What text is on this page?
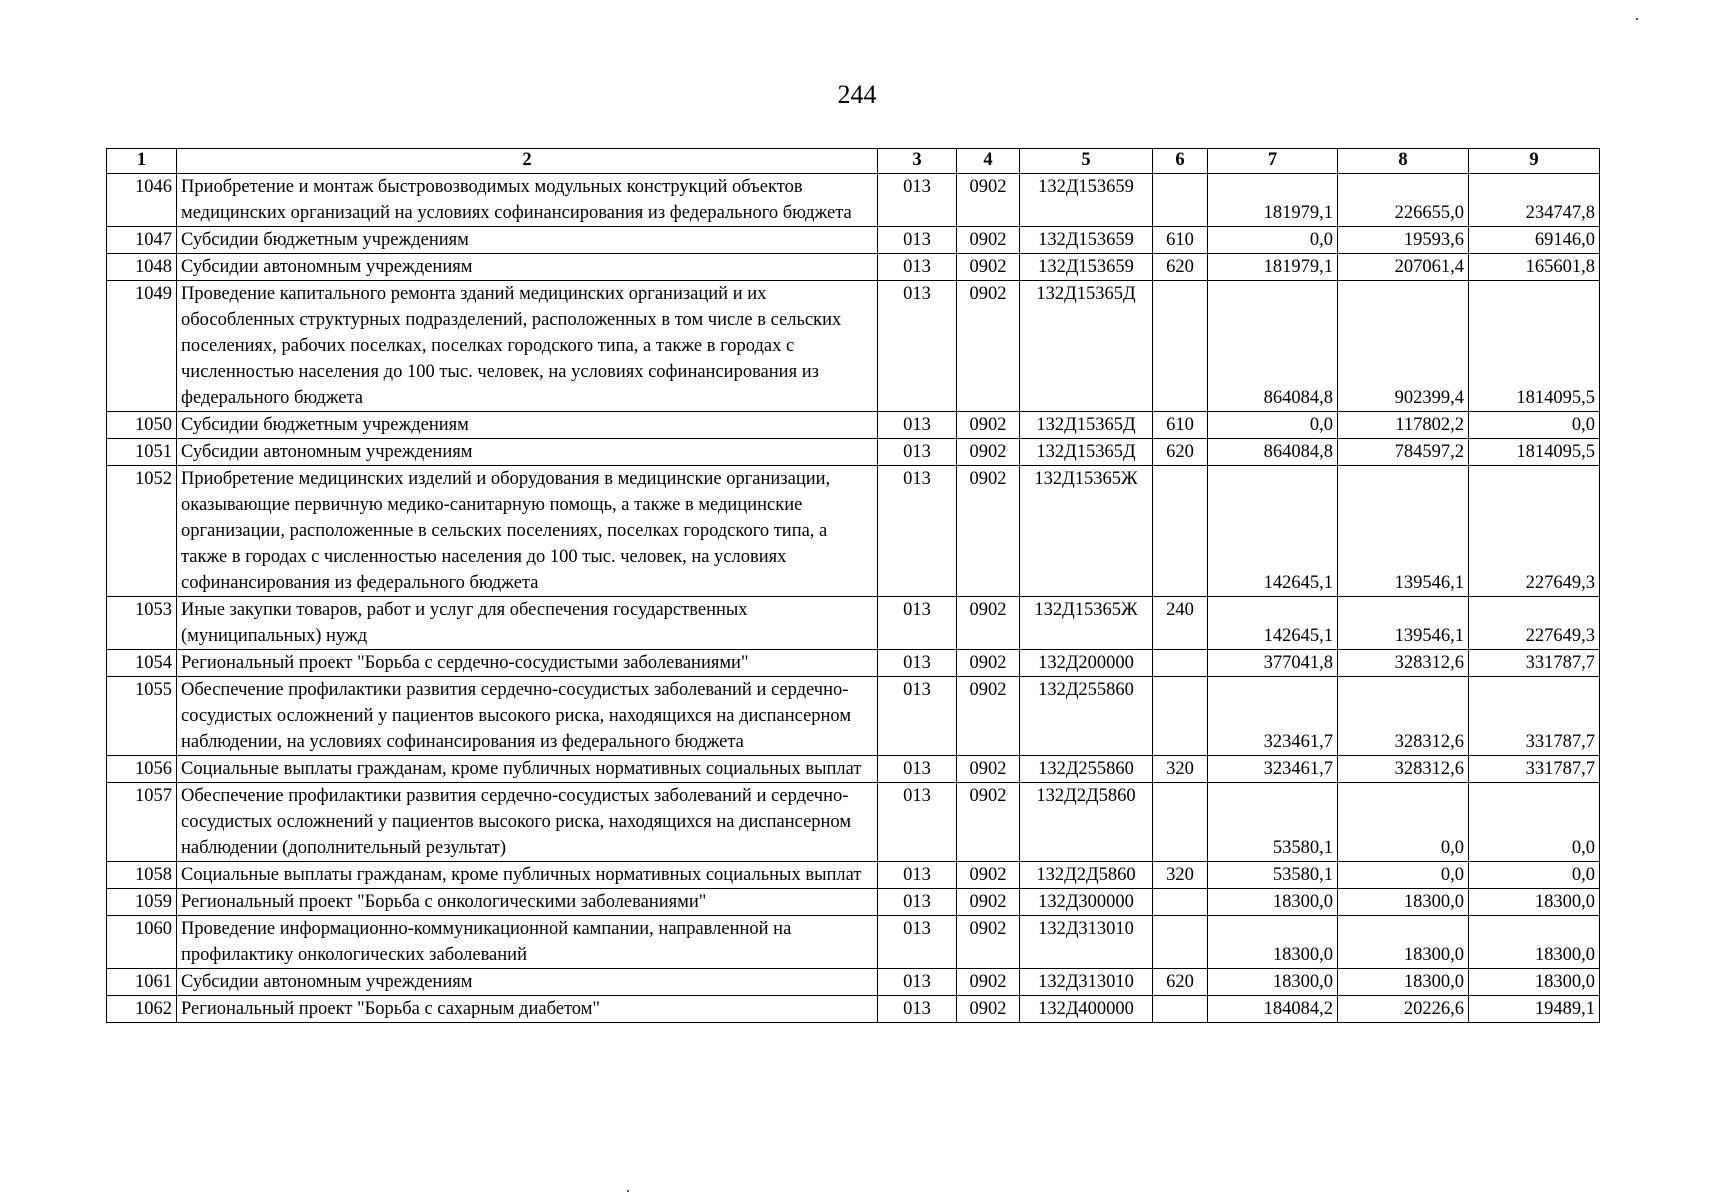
244
1	2	3	4	5	6	7	8	9
1046	Приобретение и монтаж быстровозводимых модульных конструкций объектов медицинских организаций на условиях софинансирования из федерального бюджета	013	0902	132Д153659		181979,1	226655,0	234747,8
1047	Субсидии бюджетным учреждениям	013	0902	132Д153659	610	0,0	19593,6	69146,0
1048	Субсидии автономным учреждениям	013	0902	132Д153659	620	181979,1	207061,4	165601,8
1049	Проведение капитального ремонта зданий медицинских организаций и их обособленных структурных подразделений, расположенных в том числе в сельских поселениях, рабочих поселках, поселках городского типа, а также в городах с численностью населения до 100 тыс. человек, на условиях софинансирования из федерального бюджета	013	0902	132Д15365Д		864084,8	902399,4	1814095,5
1050	Субсидии бюджетным учреждениям	013	0902	132Д15365Д	610	0,0	117802,2	0,0
1051	Субсидии автономным учреждениям	013	0902	132Д15365Д	620	864084,8	784597,2	1814095,5
1052	Приобретение медицинских изделий и оборудования в медицинские организации, оказывающие первичную медико-санитарную помощь, а также в медицинские организации, расположенные в сельских поселениях, поселках городского типа, а также в городах с численностью населения до 100 тыс. человек, на условиях софинансирования из федерального бюджета	013	0902	132Д15365Ж		142645,1	139546,1	227649,3
1053	Иные закупки товаров, работ и услуг для обеспечения государственных (муниципальных) нужд	013	0902	132Д15365Ж	240	142645,1	139546,1	227649,3
1054	Региональный проект "Борьба с сердечно-сосудистыми заболеваниями"	013	0902	132Д200000		377041,8	328312,6	331787,7
1055	Обеспечение профилактики развития сердечно-сосудистых заболеваний и сердечно-сосудистых осложнений у пациентов высокого риска, находящихся на диспансерном наблюдении, на условиях софинансирования из федерального бюджета	013	0902	132Д255860		323461,7	328312,6	331787,7
1056	Социальные выплаты гражданам, кроме публичных нормативных социальных выплат	013	0902	132Д255860	320	323461,7	328312,6	331787,7
1057	Обеспечение профилактики развития сердечно-сосудистых заболеваний и сердечно-сосудистых осложнений у пациентов высокого риска, находящихся на диспансерном наблюдении (дополнительный результат)	013	0902	132Д2Д5860		53580,1	0,0	0,0
1058	Социальные выплаты гражданам, кроме публичных нормативных социальных выплат	013	0902	132Д2Д5860	320	53580,1	0,0	0,0
1059	Региональный проект "Борьба с онкологическими заболеваниями"	013	0902	132Д300000		18300,0	18300,0	18300,0
1060	Проведение информационно-коммуникационной кампании, направленной на профилактику онкологических заболеваний	013	0902	132Д313010		18300,0	18300,0	18300,0
1061	Субсидии автономным учреждениям	013	0902	132Д313010	620	18300,0	18300,0	18300,0
1062	Региональный проект "Борьба с сахарным диабетом"	013	0902	132Д400000		184084,2	20226,6	19489,1
